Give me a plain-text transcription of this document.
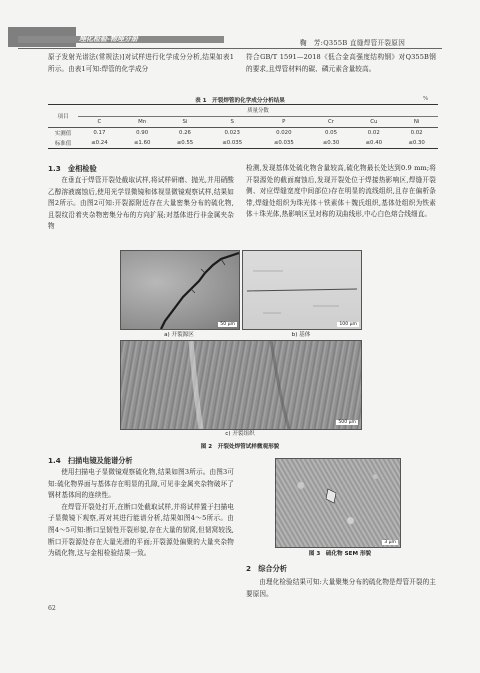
理化检验-物理分册	鞠　芳:Q355B 直缝焊管开裂原因

原子发射光谱法(常规法)]对试样进行化学成分分析,结果如表1所示。由表1可知:焊管的化学成分

符合GB/T 1591—2018《低合金高强度结构钢》对Q355B钢的要求,且焊管材料的碳、磷元素含量较高。

表 1　开裂焊管的化学成分分析结果	%
项目	质量分数							
	C	Mn	Si	S	P	Cr	Cu	Ni
实测值	0.17	0.90	0.26	0.023	0.020	0.05	0.02	0.02
标准值	≤0.24	≤1.60	≤0.55	≤0.035	≤0.035	≤0.30	≤0.40	≤0.30
1.3　金相检验

在垂直于焊管开裂处截取试样,将试样研磨、抛光,并用硝酸乙醇溶液腐蚀后,使用光学显微镜和体视显微镜观察试样,结果如图2所示。由图2可知:开裂源附近存在大量密集分布的硫化物,且裂纹沿着夹杂物密集分布的方向扩展;对基体进行非金属夹杂物

检测,发现基体处硫化物含量较高,硫化物最长处达到0.9 mm;将开裂源处的截面腐蚀后,发现开裂处位于焊接热影响区,焊缝开裂侧、对应焊缝宽度中间部位)存在明显的流线组织,且存在偏析条带,焊缝处组织为珠光体＋铁素体＋魏氏组织,基体处组织为铁素体＋珠光体,热影响区呈对称的双曲线形,中心白色熔合线细直。

50 μm	100 μm
a) 开裂源区	b) 基体
500 μm
c) 开裂组织
图 2　开裂处焊管试样微观形貌
1.4　扫描电镜及能谱分析

使用扫描电子显微镜观察硫化物,结果如图3所示。由图3可知:硫化物界面与基体存在明显的孔隙,可见非金属夹杂物破坏了钢材基体间的连续性。

在焊管开裂处打开,在断口处截取试样,并将试样置于扫描电子显微镜下观察,再对其进行能谱分析,结果如图4～5所示。由图4～5可知:断口呈韧性开裂形貌,存在大量的韧窝,但韧窝较浅,断口开裂源处存在大量光滑的平面;开裂源处偏聚的大量夹杂物为硫化物,这与金相检验结果一致。

3 μm
图 3　硫化物 SEM 形貌
2　综合分析

由理化检验结果可知:大量聚集分布的硫化物是焊管开裂的主要原因。

62
